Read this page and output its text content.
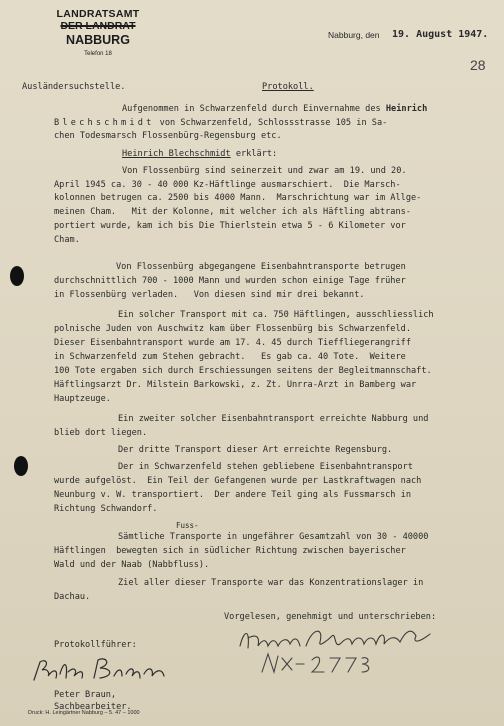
LANDRATSAMT
DER LANDRAT
NABBURG
Telefon 18
Nabburg, den 19. August 1947.
28
Ausländersuchstelle.	Protokoll.
Aufgenommen in Schwarzenfeld durch Einvernahme des Heinrich
Blechschmidt von Schwarzenfeld, Schlossstrasse 105 in Sa-
chen Todesmarsch Flossenbürg-Regensburg etc.
Heinrich Blechschmidt erklärt:
Von Flossenbürg sind seinerzeit und zwar am 19. und 20.
April 1945 ca. 30 - 40 000 Kz-Häftlinge ausmarschiert.  Die Marsch-
kolonnen betrugen ca. 2500 bis 4000 Mann.  Marschrichtung war im Allge-
meinen Cham.   Mit der Kolonne, mit welcher ich als Häftling abtrans-
portiert wurde, kam ich bis Die Thierlstein etwa 5 - 6 Kilometer vor
Cham.
Von Flossenbürg abgegangene Eisenbahntransporte betrugen
durchschnittlich 700 - 1000 Mann und wurden schon einige Tage früher
in Flossenbürg verladen.   Von diesen sind mir drei bekannt.
Ein solcher Transport mit ca. 750 Häftlingen, ausschliesslich
polnische Juden von Auschwitz kam über Flossenbürg bis Schwarzenfeld.
Dieser Eisenbahntransport wurde am 17. 4. 45 durch Tieffliegerangriff
in Schwarzenfeld zum Stehen gebracht.   Es gab ca. 40 Tote.  Weitere
100 Tote ergaben sich durch Erschiessungen seitens der Begleitmannschaft.
Häftlingsarzt Dr. Milstein Barkowski, z. Zt. Unrra-Arzt in Bamberg war
Hauptzeuge.
Ein zweiter solcher Eisenbahntransport erreichte Nabburg und
blieb dort liegen.
Der dritte Transport dieser Art erreichte Regensburg.
Der in Schwarzenfeld stehen gebliebene Eisenbahntransport
wurde aufgelöst.  Ein Teil der Gefangenen wurde per Lastkraftwagen nach
Neunburg v. W. transportiert.  Der andere Teil ging als Fussmarsch in
Richtung Schwandorf.
Fuss-
Sämtliche Transporte in ungefährer Gesamtzahl von 30 - 40000
Häftlingen  bewegten sich in südlicher Richtung zwischen bayerischer
Wald und der Naab (Nabbfluss).
Ziel aller dieser Transporte war das Konzentrationslager in
Dachau.
Vorgelesen, genehmigt und unterschrieben:
Protokollführer:
Peter Braun,
Sachbearbeiter.
Druck: H. Leingärtner Nabburg – 5. 47 – 1000
